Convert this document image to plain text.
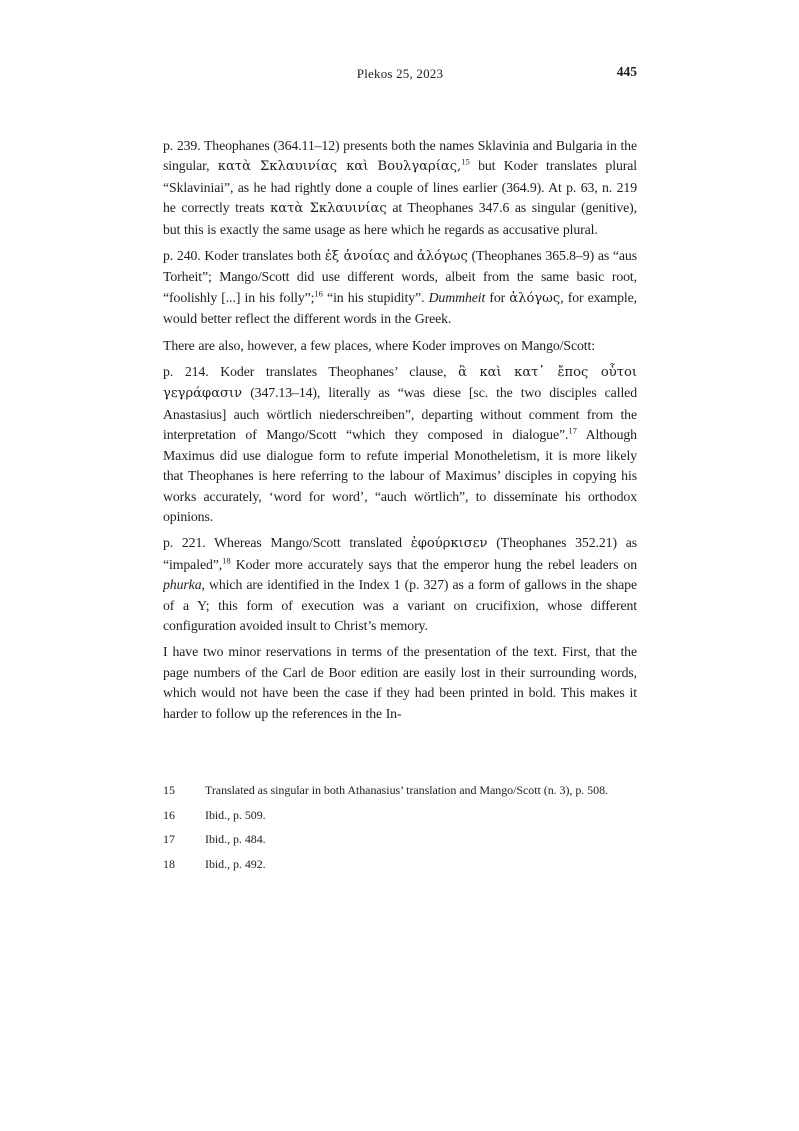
Plekos 25, 2023	445

p. 239. Theophanes (364.11–12) presents both the names Sklavinia and Bulgaria in the singular, κατὰ Σκλαυινίας καὶ Βουλγαρίας,$^{15}$ but Koder translates plural “Sklaviniai”, as he had rightly done a couple of lines earlier (364.9). At p. 63, n. 219 he correctly treats κατὰ Σκλαυινίας at Theophanes 347.6 as singular (genitive), but this is exactly the same usage as here which he regards as accusative plural.

p. 240. Koder translates both ἐξ ἀνοίας and ἀλόγως (Theophanes 365.8–9) as “aus Torheit”; Mango/Scott did use different words, albeit from the same basic root, “foolishly [...] in his folly”;$^{16}$ “in his stupidity”. Dummheit for ἀλόγως, for example, would better reflect the different words in the Greek.

There are also, however, a few places, where Koder improves on Mango/Scott:

p. 214. Koder translates Theophanes’ clause, ἃ καὶ κατ᾽ ἔπος οὗτοι γεγράφασιν (347.13–14), literally as “was diese [sc. the two disciples called Anastasius] auch wörtlich niederschreiben”, departing without comment from the interpretation of Mango/Scott “which they composed in dialogue”.$^{17}$ Although Maximus did use dialogue form to refute imperial Monotheletism, it is more likely that Theophanes is here referring to the labour of Maximus’ disciples in copying his works accurately, ‘word for word’, “auch wörtlich”, to disseminate his orthodox opinions.

p. 221. Whereas Mango/Scott translated ἐφούρκισεν (Theophanes 352.21) as “impaled”,$^{18}$ Koder more accurately says that the emperor hung the rebel leaders on phurka, which are identified in the Index 1 (p. 327) as a form of gallows in the shape of a Y; this form of execution was a variant on crucifixion, whose different configuration avoided insult to Christ’s memory.

I have two minor reservations in terms of the presentation of the text. First, that the page numbers of the Carl de Boor edition are easily lost in their surrounding words, which would not have been the case if they had been printed in bold. This makes it harder to follow up the references in the In-

15	Translated as singular in both Athanasius’ translation and Mango/Scott (n. 3), p. 508.
16	Ibid., p. 509.
17	Ibid., p. 484.
18	Ibid., p. 492.
